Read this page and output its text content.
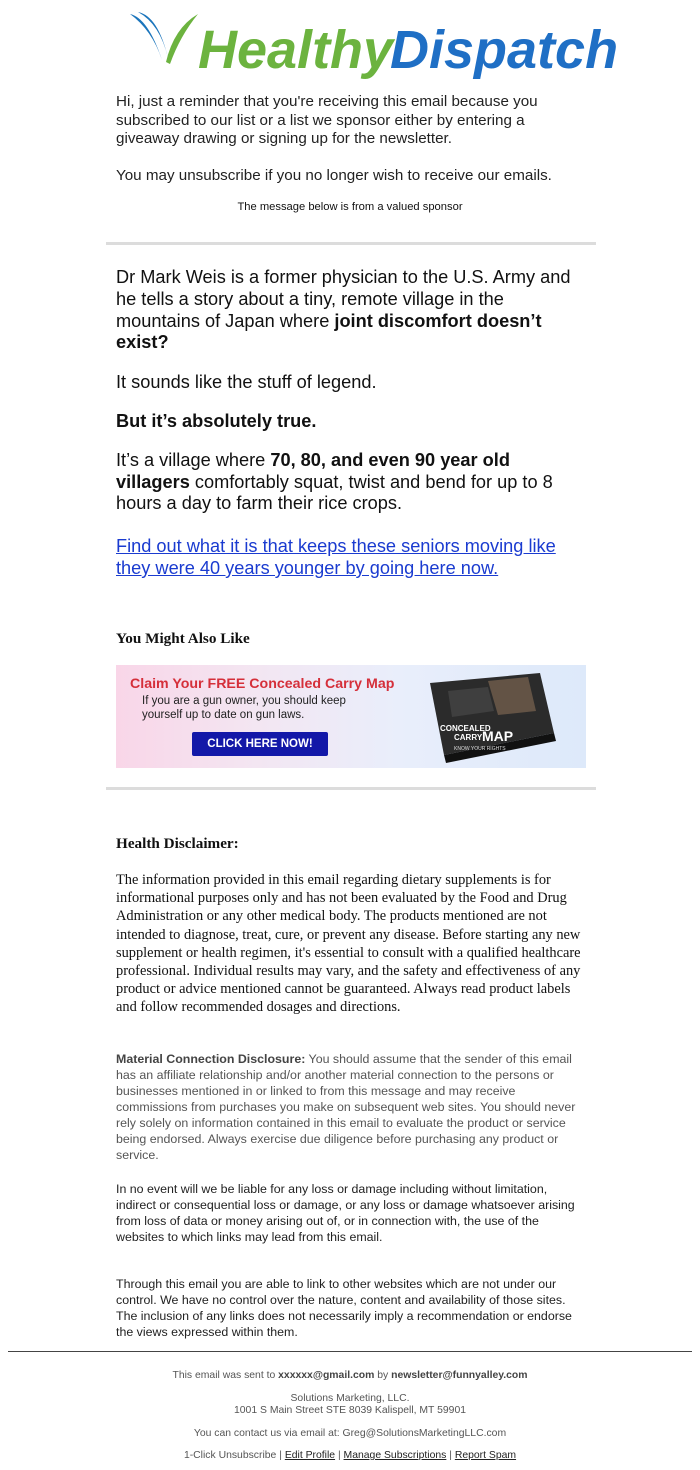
Healthy
Dispatch

Hi, just a reminder that you're receiving this email because you subscribed to our list or a list we sponsor either by entering a giveaway drawing or signing up for the newsletter.

You may unsubscribe if you no longer wish to receive our emails.

The message below is from a valued sponsor

Dr Mark Weis is a former physician to the U.S. Army and he tells a story about a tiny, remote village in the mountains of Japan where joint discomfort doesn’t exist?

It sounds like the stuff of legend.

But it’s absolutely true.

It’s a village where 70, 80, and even 90 year old villagers comfortably squat, twist and bend for up to 8 hours a day to farm their rice crops.

Find out what it is that keeps these seniors moving like they were 40 years younger by going here now.

You Might Also Like
Claim Your FREE Concealed Carry Map
If you are a gun owner, you should keep yourself up to date on gun laws.
CLICK HERE NOW!
CONCEALED
CARRY MAP
KNOW YOUR RIGHTS
Health Disclaimer:
The information provided in this email regarding dietary supplements is for informational purposes only and has not been evaluated by the Food and Drug Administration or any other medical body. The products mentioned are not intended to diagnose, treat, cure, or prevent any disease. Before starting any new supplement or health regimen, it's essential to consult with a qualified healthcare professional. Individual results may vary, and the safety and effectiveness of any product or advice mentioned cannot be guaranteed. Always read product labels and follow recommended dosages and directions.
Material Connection Disclosure: You should assume that the sender of this email has an affiliate relationship and/or another material connection to the persons or businesses mentioned in or linked to from this message and may receive commissions from purchases you make on subsequent web sites. You should never rely solely on information contained in this email to evaluate the product or service being endorsed. Always exercise due diligence before purchasing any product or service.
In no event will we be liable for any loss or damage including without limitation, indirect or consequential loss or damage, or any loss or damage whatsoever arising from loss of data or money arising out of, or in connection with, the use of the websites to which links may lead from this email.
Through this email you are able to link to other websites which are not under our control. We have no control over the nature, content and availability of those sites. The inclusion of any links does not necessarily imply a recommendation or endorse the views expressed within them.
This email was sent to xxxxxx@gmail.com by newsletter@funnyalley.com
Solutions Marketing, LLC.
1001 S Main Street STE 8039 Kalispell, MT 59901
You can contact us via email at: Greg@SolutionsMarketingLLC.com
1-Click Unsubscribe | Edit Profile | Manage Subscriptions | Report Spam
